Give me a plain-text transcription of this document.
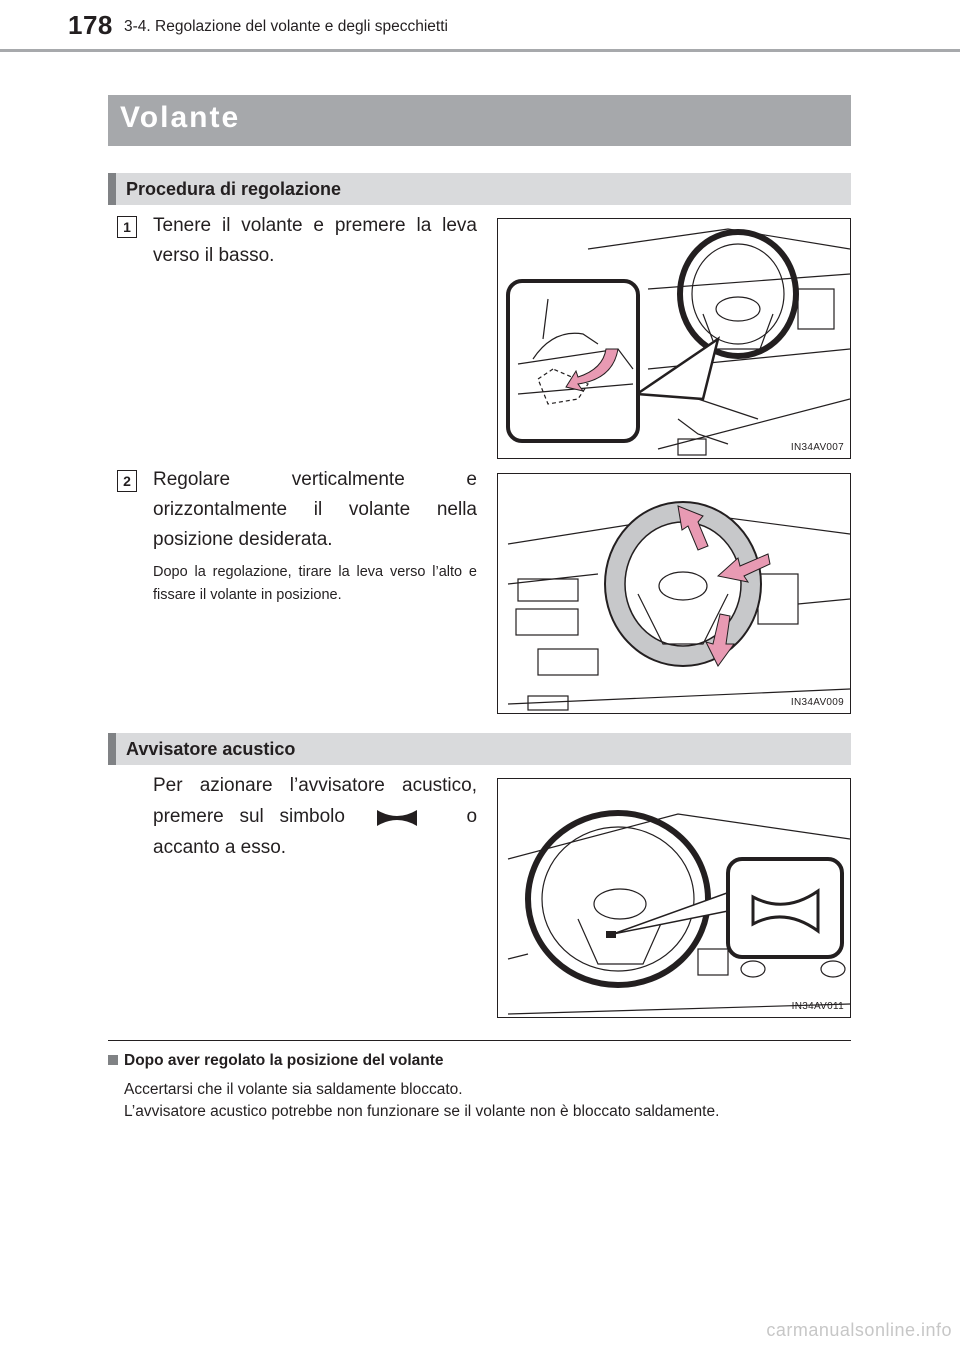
178 3-4. Regolazione del volante e degli specchietti
Volante
Procedura di regolazione
1	Tenere il volante e premere la leva verso il basso.
IN34AV007
2	Regolare verticalmente e orizzontalmente il volante nella posizione desiderata.
Dopo la regolazione, tirare la leva verso l’alto e fissare il volante in posizione.
IN34AV009
Avvisatore acustico
Per azionare l’avvisatore acustico, premere sul simbolo	o accanto a esso.
IN34AV011
Dopo aver regolato la posizione del volante
Accertarsi che il volante sia saldamente bloccato.
L’avvisatore acustico potrebbe non funzionare se il volante non è bloccato saldamente.
carmanualsonline.info
